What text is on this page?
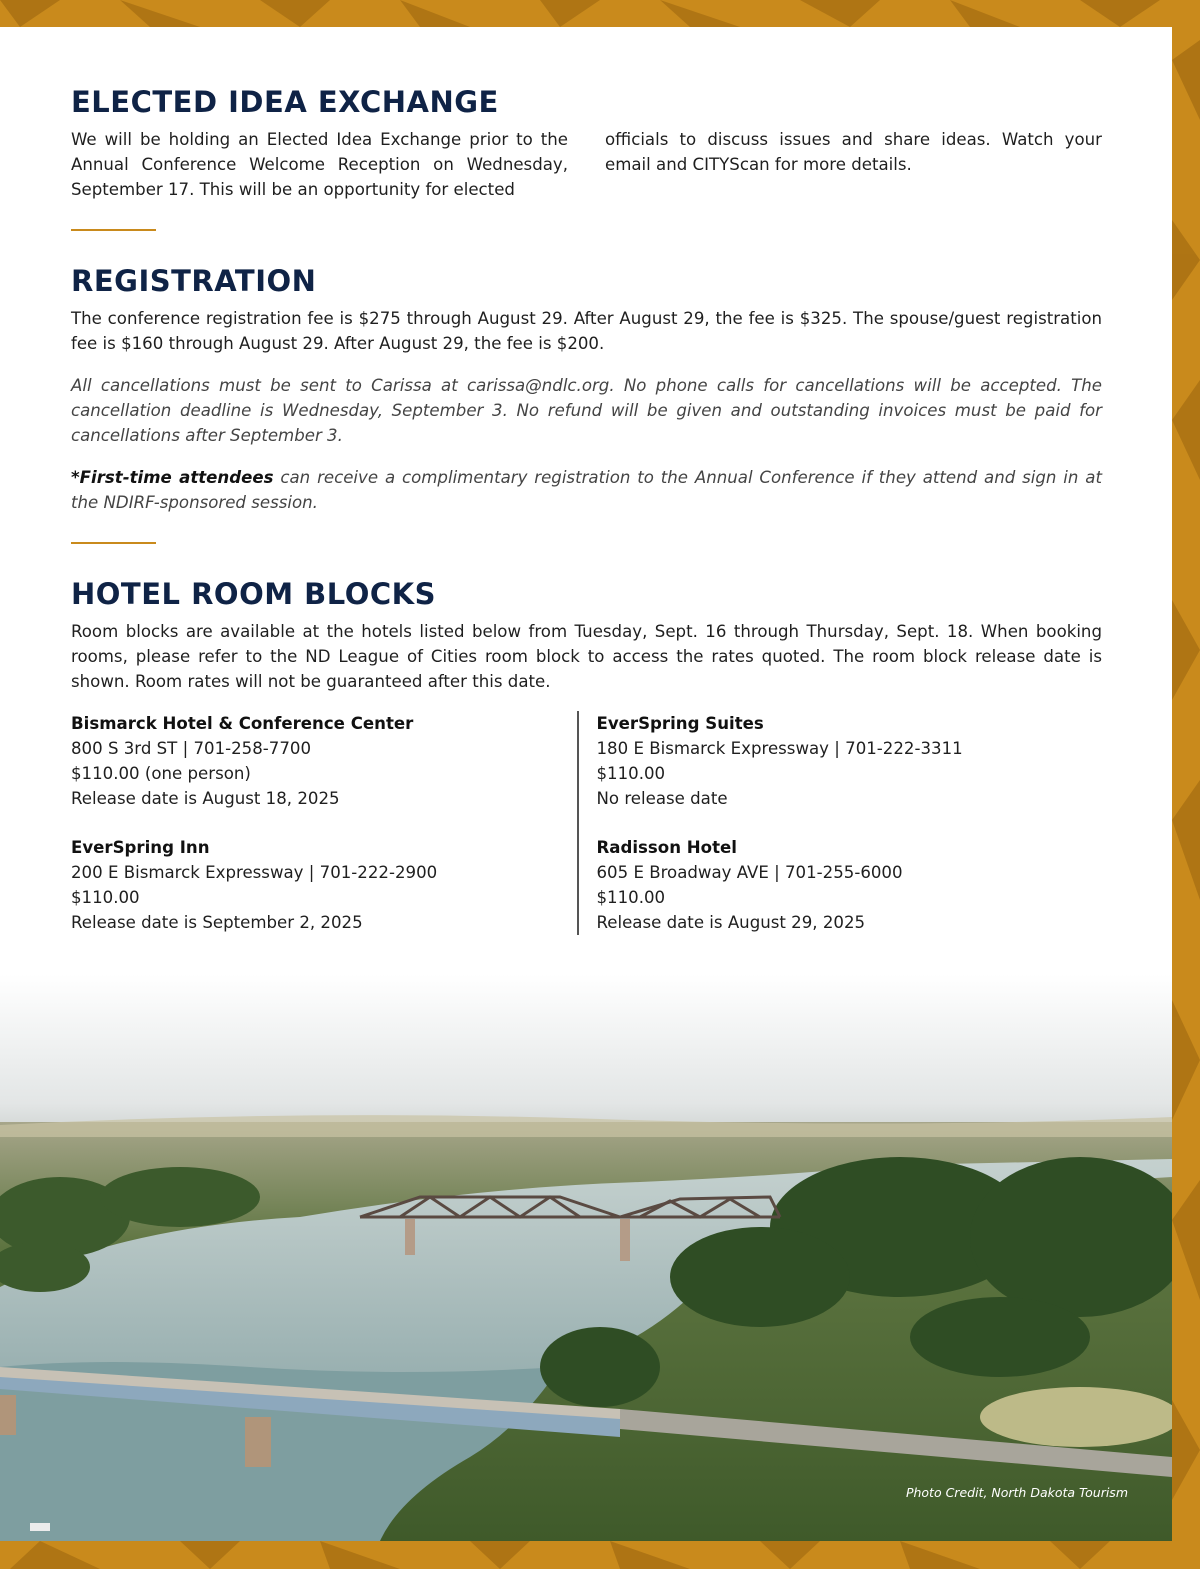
Photo Credit, North Dakota Tourism
ELECTED IDEA EXCHANGE

We will be holding an Elected Idea Exchange prior to the Annual Conference Welcome Reception on Wednesday, September 17. This will be an opportunity for elected

officials to discuss issues and share ideas. Watch your email and CITYScan for more details.

REGISTRATION

The conference registration fee is $275 through August 29. After August 29, the fee is $325. The spouse/guest registration fee is $160 through August 29. After August 29, the fee is $200.

All cancellations must be sent to Carissa at carissa@ndlc.org. No phone calls for cancellations will be accepted. The cancellation deadline is Wednesday, September 3. No refund will be given and outstanding invoices must be paid for cancellations after September 3.

*First-time attendees can receive a complimentary registration to the Annual Conference if they attend and sign in at the NDIRF-sponsored session.

HOTEL ROOM BLOCKS

Room blocks are available at the hotels listed below from Tuesday, Sept. 16 through Thursday, Sept. 18. When booking rooms, please refer to the ND League of Cities room block to access the rates quoted. The room block release date is shown. Room rates will not be guaranteed after this date.

Bismarck Hotel & Conference Center
800 S 3rd ST | 701-258-7700
$110.00 (one person)
Release date is August 18, 2025
EverSpring Inn
200 E Bismarck Expressway | 701-222-2900
$110.00
Release date is September 2, 2025
EverSpring Suites
180 E Bismarck Expressway | 701-222-3311
$110.00
No release date
Radisson Hotel
605 E Broadway AVE | 701-255-6000
$110.00
Release date is August 29, 2025
